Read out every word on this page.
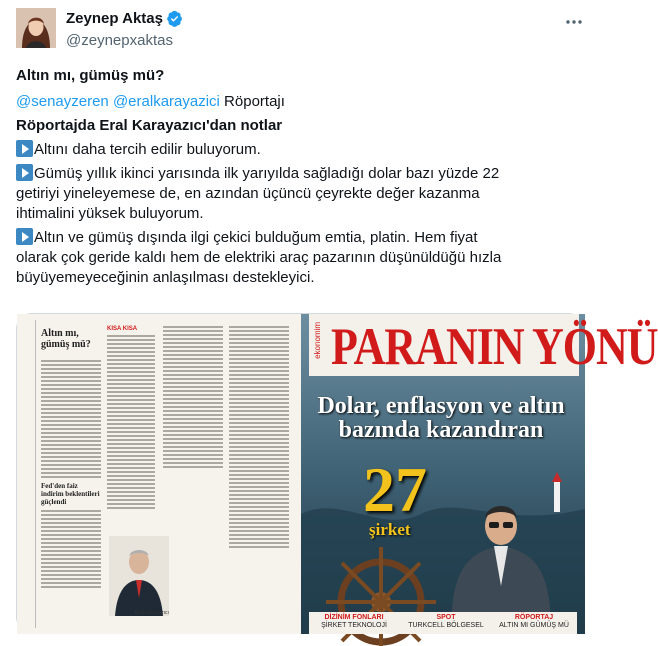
Zeynep Aktaş
@zeynepxaktas
Altın mı, gümüş mü?
@senayzeren @eralkarayazici Röportajı
Röportajda Eral Karayazıcı'dan notlar
Altını daha tercih edilir buluyorum.
Gümüş yıllık ikinci yarısında ilk yarıyılda sağladığı dolar bazı yüzde 22
getiriyi yineleyemese de, en azından üçüncü çeyrekte değer kazanma
ihtimalini yüksek buluyorum.
Altın ve gümüş dışında ilgi çekici bulduğum emtia, platin. Hem fiyat
olarak çok geride kaldı hem de elektriki araç pazarının düşünüldüğü hızla
büyüyemeyeceğinin anlaşılması destekleyici.
Altın mı, gümüş mü?
Fed'den faiz indirim beklentileri güçlendi
KISA KISA
Eral Karayazıcı
ekonomim PARANIN YÖNÜ
Dolar, enflasyon ve altın bazında kazandıran
27
şirket
DİZİNİM FONLARI
ŞİRKET TEKNOLOJİ
SPOT
TURKCELL BÖLGESEL
RÖPORTAJ
ALTIN MI GÜMÜŞ MÜ
